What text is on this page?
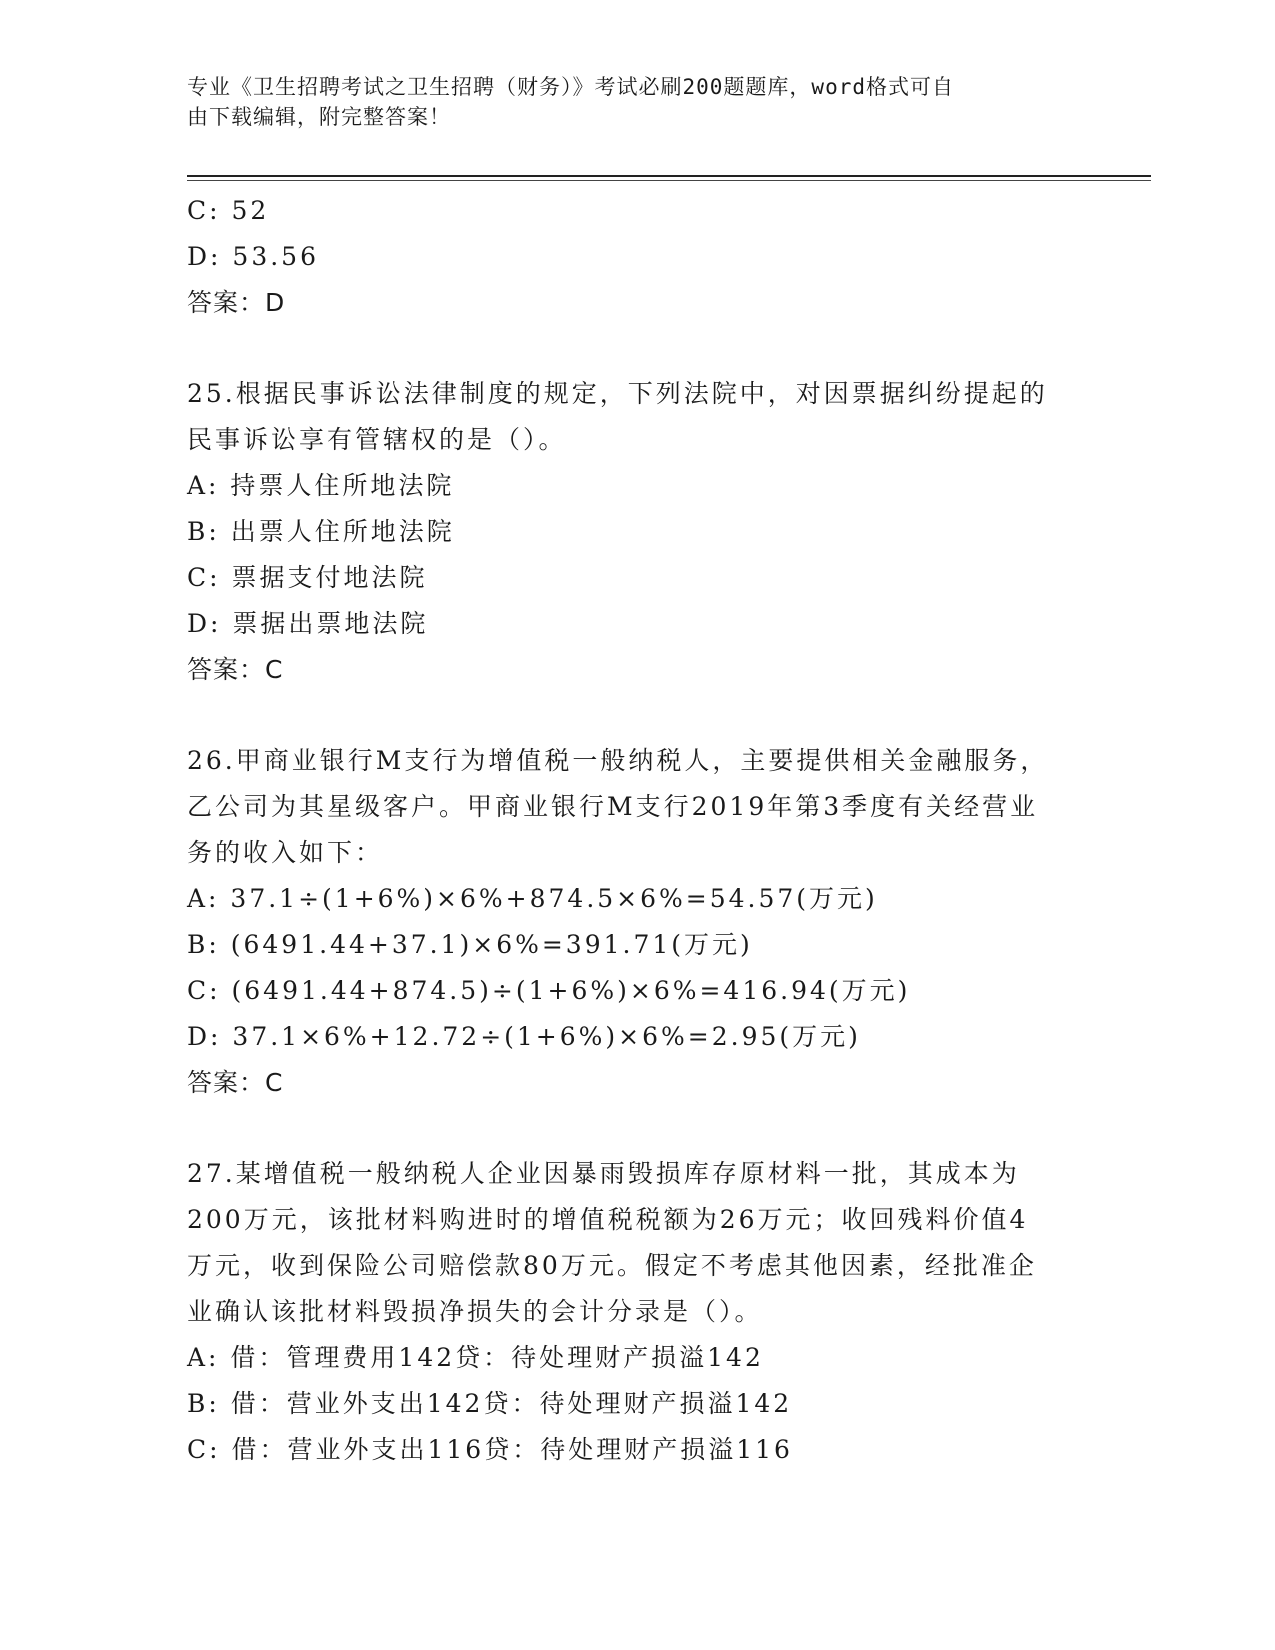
专业《卫生招聘考试之卫生招聘（财务）》考试必刷200题题库，word格式可自
由下载编辑，附完整答案！
C: 52
D: 53.56
答案：D
25.根据民事诉讼法律制度的规定，下列法院中，对因票据纠纷提起的
民事诉讼享有管辖权的是（）。
A: 持票人住所地法院
B: 出票人住所地法院
C: 票据支付地法院
D: 票据出票地法院
答案：C
26.甲商业银行M支行为增值税一般纳税人，主要提供相关金融服务，
乙公司为其星级客户。甲商业银行M支行2019年第3季度有关经营业
务的收入如下：
A: 37.1÷(1+6%)×6%+874.5×6%=54.57(万元)
B: (6491.44+37.1)×6%=391.71(万元)
C: (6491.44+874.5)÷(1+6%)×6%=416.94(万元)
D: 37.1×6%+12.72÷(1+6%)×6%=2.95(万元)
答案：C
27.某增值税一般纳税人企业因暴雨毁损库存原材料一批，其成本为
200万元，该批材料购进时的增值税税额为26万元；收回残料价值4
万元，收到保险公司赔偿款80万元。假定不考虑其他因素，经批准企
业确认该批材料毁损净损失的会计分录是（）。
A: 借：管理费用142贷：待处理财产损溢142
B: 借：营业外支出142贷：待处理财产损溢142
C: 借：营业外支出116贷：待处理财产损溢116
